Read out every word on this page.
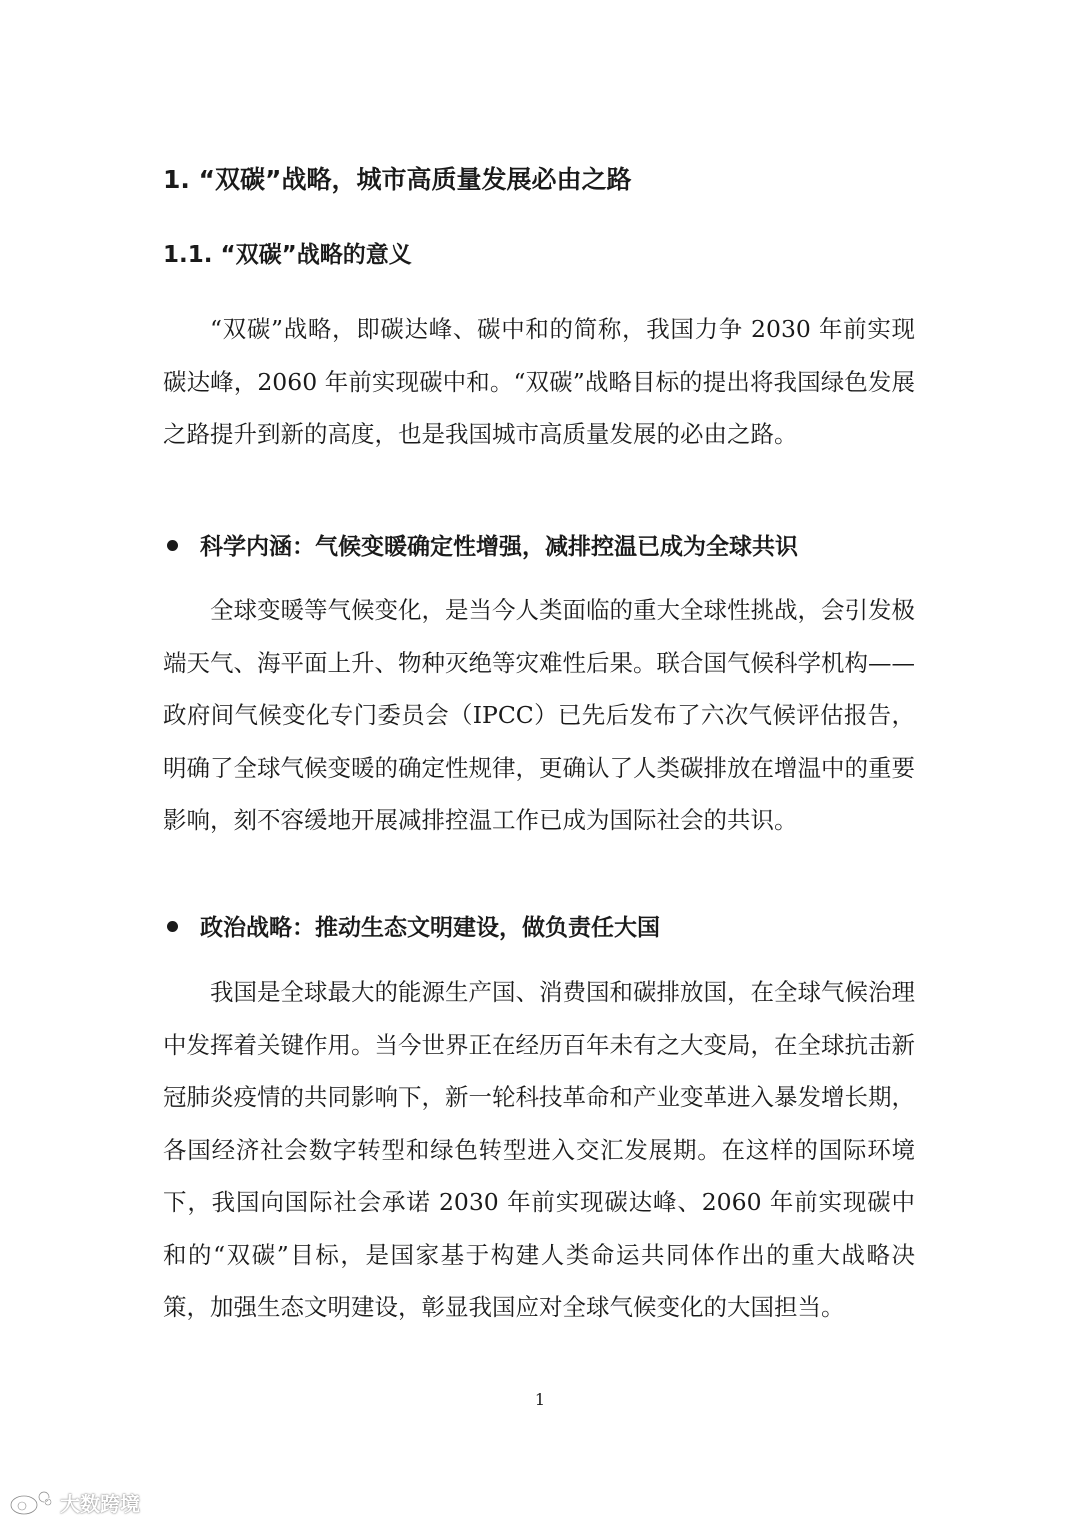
1. “双碳”战略，城市高质量发展必由之路
1.1. “双碳”战略的意义

“双碳”战略，即碳达峰、碳中和的简称，我国力争 2030 年前实现碳达峰，2060 年前实现碳中和。“双碳”战略目标的提出将我国绿色发展之路提升到新的高度，也是我国城市高质量发展的必由之路。

科学内涵：气候变暖确定性增强，减排控温已成为全球共识

全球变暖等气候变化，是当今人类面临的重大全球性挑战，会引发极端天气、海平面上升、物种灭绝等灾难性后果。联合国气候科学机构——政府间气候变化专门委员会（IPCC）已先后发布了六次气候评估报告，明确了全球气候变暖的确定性规律，更确认了人类碳排放在增温中的重要影响，刻不容缓地开展减排控温工作已成为国际社会的共识。

政治战略：推动生态文明建设，做负责任大国

我国是全球最大的能源生产国、消费国和碳排放国，在全球气候治理中发挥着关键作用。当今世界正在经历百年未有之大变局，在全球抗击新冠肺炎疫情的共同影响下，新一轮科技革命和产业变革进入暴发增长期，各国经济社会数字转型和绿色转型进入交汇发展期。在这样的国际环境下，我国向国际社会承诺 2030 年前实现碳达峰、2060 年前实现碳中和的“双碳”目标，是国家基于构建人类命运共同体作出的重大战略决策，加强生态文明建设，彰显我国应对全球气候变化的大国担当。

1
大数跨境
